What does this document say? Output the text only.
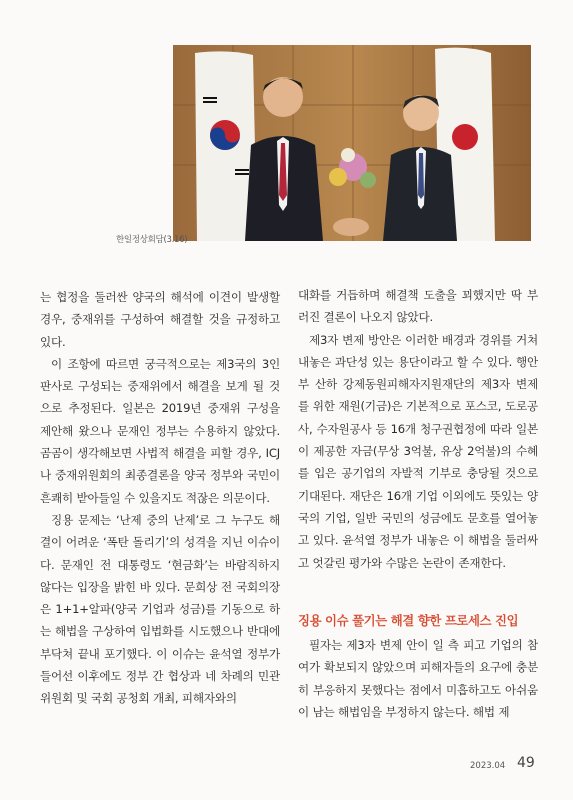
한일정상회담(3.16)

는 협정을 둘러싼 양국의 해석에 이견이 발생할 경우, 중재위를 구성하여 해결할 것을 규정하고 있다.

이 조항에 따르면 궁극적으로는 제3국의 3인 판사로 구성되는 중재위에서 해결을 보게 될 것으로 추정된다. 일본은 2019년 중재위 구성을 제안해 왔으나 문재인 정부는 수용하지 않았다. 곰곰이 생각해보면 사법적 해결을 피할 경우, ICJ나 중재위원회의 최종결론을 양국 정부와 국민이 흔쾌히 받아들일 수 있을지도 적잖은 의문이다.

징용 문제는 ‘난제 중의 난제’로 그 누구도 해결이 어려운 ‘폭탄 돌리기’의 성격을 지닌 이슈이다. 문재인 전 대통령도 ‘현금화’는 바람직하지 않다는 입장을 밝힌 바 있다. 문희상 전 국회의장은 1+1+알파(양국 기업과 성금)를 기동으로 하는 해법을 구상하여 입법화를 시도했으나 반대에 부닥쳐 끝내 포기했다. 이 이슈는 윤석열 정부가 들어선 이후에도 정부 간 협상과 네 차례의 민관위원회 및 국회 공청회 개최, 피해자와의

대화를 거듭하며 해결책 도출을 꾀했지만 딱 부러진 결론이 나오지 않았다.

제3자 변제 방안은 이러한 배경과 경위를 거쳐 내놓은 과단성 있는 용단이라고 할 수 있다. 행안부 산하 강제동원피해자지원재단의 제3자 변제를 위한 재원(기금)은 기본적으로 포스코, 도로공사, 수자원공사 등 16개 청구권협정에 따라 일본이 제공한 자금(무상 3억불, 유상 2억불)의 수혜를 입은 공기업의 자발적 기부로 충당될 것으로 기대된다. 재단은 16개 기업 이외에도 뜻있는 양국의 기업, 일반 국민의 성금에도 문호를 열어놓고 있다. 윤석열 정부가 내놓은 이 해법을 둘러싸고 엇갈린 평가와 수많은 논란이 존재한다.

징용 이슈 풀기는 해결 향한 프로세스 진입

필자는 제3자 변제 안이 일 측 피고 기업의 참여가 확보되지 않았으며 피해자들의 요구에 충분히 부응하지 못했다는 점에서 미흡하고도 아쉬움이 남는 해법임을 부정하지 않는다. 해법 제

2023.04 49
